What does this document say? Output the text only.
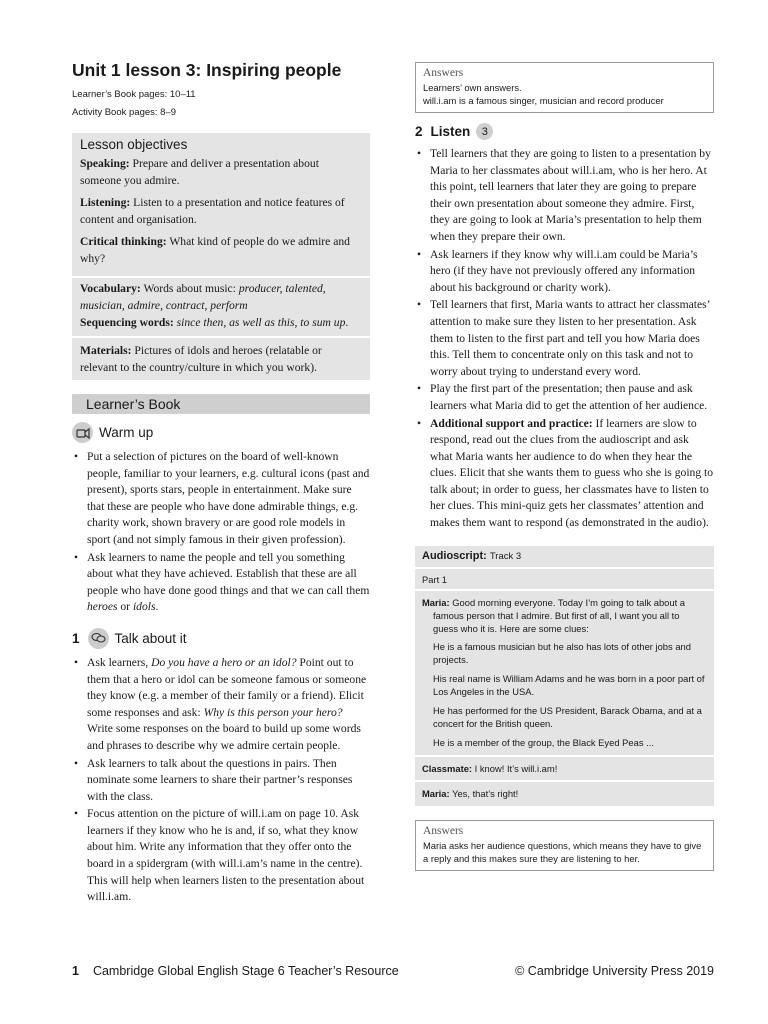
Unit 1 lesson 3: Inspiring people

Learner’s Book pages: 10–11

Activity Book pages: 8–9

Lesson objectives

Speaking: Prepare and deliver a presentation about someone you admire.

Listening: Listen to a presentation and notice features of content and organisation.

Critical thinking: What kind of people do we admire and why?

Vocabulary: Words about music: producer, talented, musician, admire, contract, perform

Sequencing words: since then, as well as this, to sum up.

Materials: Pictures of idols and heroes (relatable or relevant to the country/culture in which you work).

Learner’s Book
Warm up
• Put a selection of pictures on the board of well-known people, familiar to your learners, e.g. cultural icons (past and present), sports stars, people in entertainment. Make sure that these are people who have done admirable things, e.g. charity work, shown bravery or are good role models in sport (and not simply famous in their given profession).
• Ask learners to name the people and tell you something about what they have achieved. Establish that these are all people who have done good things and that we can call them heroes or idols.
1	Talk about it
• Ask learners, Do you have a hero or an idol? Point out to them that a hero or idol can be someone famous or someone they know (e.g. a member of their family or a friend). Elicit some responses and ask: Why is this person your hero? Write some responses on the board to build up some words and phrases to describe why we admire certain people.
• Ask learners to talk about the questions in pairs. Then nominate some learners to share their partner’s responses with the class.
• Focus attention on the picture of will.i.am on page 10. Ask learners if they know who he is and, if so, what they know about him. Write any information that they offer onto the board in a spidergram (with will.i.am’s name in the centre). This will help when learners listen to the presentation about will.i.am.

Answers

Learners’ own answers.

will.i.am is a famous singer, musician and record producer

2 Listen	3
• Tell learners that they are going to listen to a presentation by Maria to her classmates about will.i.am, who is her hero. At this point, tell learners that later they are going to prepare their own presentation about someone they admire. First, they are going to look at Maria’s presentation to help them when they prepare their own.
• Ask learners if they know why will.i.am could be Maria’s hero (if they have not previously offered any information about his background or charity work).
• Tell learners that first, Maria wants to attract her classmates’ attention to make sure they listen to her presentation. Ask them to listen to the first part and tell you how Maria does this. Tell them to concentrate only on this task and not to worry about trying to understand every word.
• Play the first part of the presentation; then pause and ask learners what Maria did to get the attention of her audience.
• Additional support and practice: If learners are slow to respond, read out the clues from the audioscript and ask what Maria wants her audience to do when they hear the clues. Elicit that she wants them to guess who she is going to talk about; in order to guess, her classmates have to listen to her clues. This mini-quiz gets her classmates’ attention and makes them want to respond (as demonstrated in the audio).

Audioscript: Track 3

Part 1

Maria: Good morning everyone. Today I’m going to talk about a famous person that I admire. But first of all, I want you all to guess who it is. Here are some clues:

He is a famous musician but he also has lots of other jobs and projects.

His real name is William Adams and he was born in a poor part of Los Angeles in the USA.

He has performed for the US President, Barack Obama, and at a concert for the British queen.

He is a member of the group, the Black Eyed Peas ...

Classmate: I know! It’s will.i.am!

Maria: Yes, that’s right!

Answers

Maria asks her audience questions, which means they have to give a reply and this makes sure they are listening to her.

1 Cambridge Global English Stage 6 Teacher’s Resource	© Cambridge University Press 2019
